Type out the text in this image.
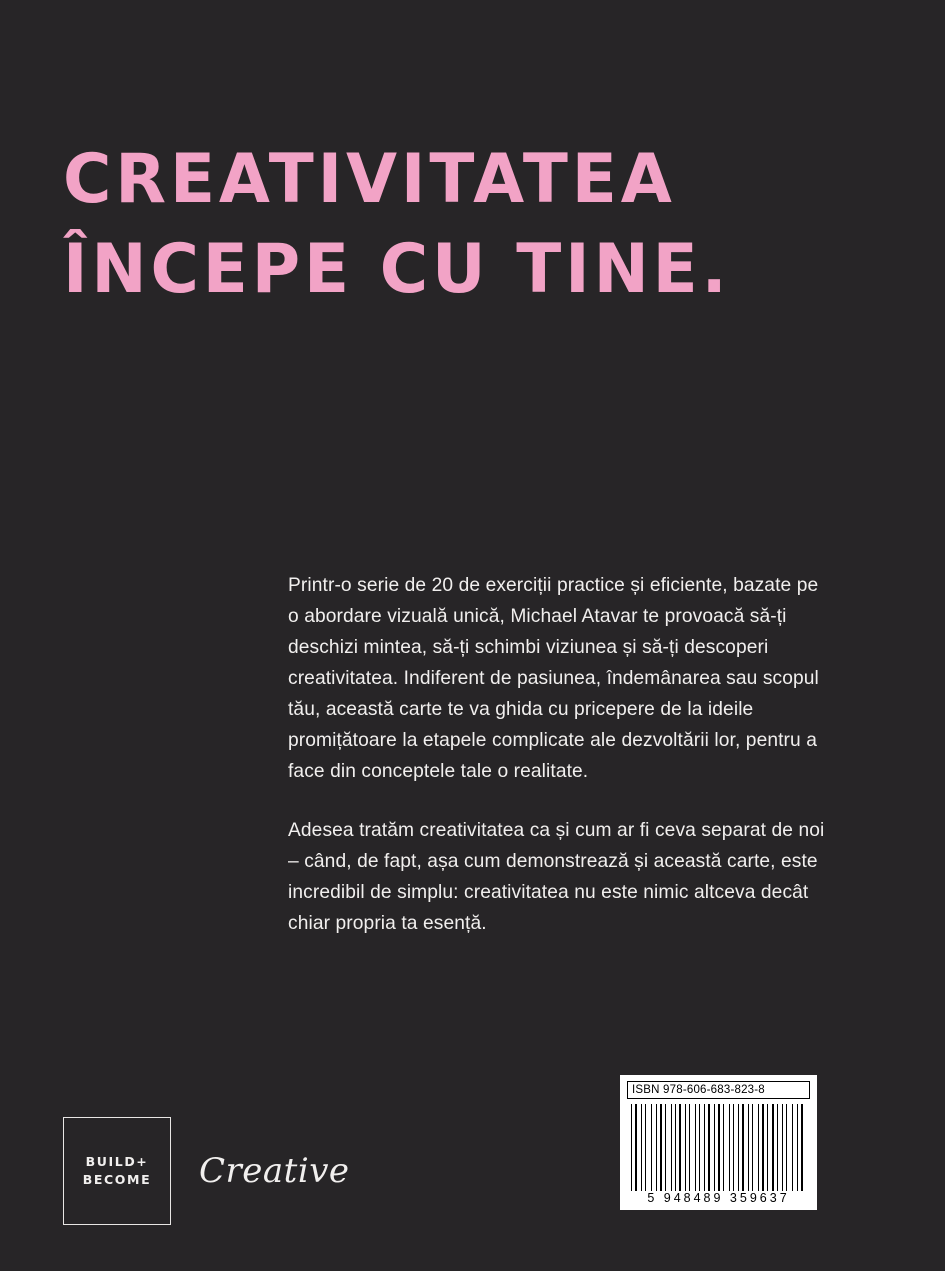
CREATIVITATEA
ÎNCEPE CU TINE.

Printr-o serie de 20 de exerciții practice și eficiente, bazate pe o abordare vizuală unică, Michael Atavar te provoacă să-ți deschizi mintea, să-ți schimbi viziunea și să-ți descoperi creativitatea. Indiferent de pasiunea, îndemânarea sau scopul tău, această carte te va ghida cu pricepere de la ideile promițătoare la etapele complicate ale dezvoltării lor, pentru a face din conceptele tale o realitate.

Adesea tratăm creativitatea ca și cum ar fi ceva separat de noi – când, de fapt, așa cum demonstrează și această carte, este incredibil de simplu: creativitatea nu este nimic altceva decât chiar propria ta esență.

BUILD+
BECOME Creative
ISBN 978-606-683-823-8
5 948489 359637
